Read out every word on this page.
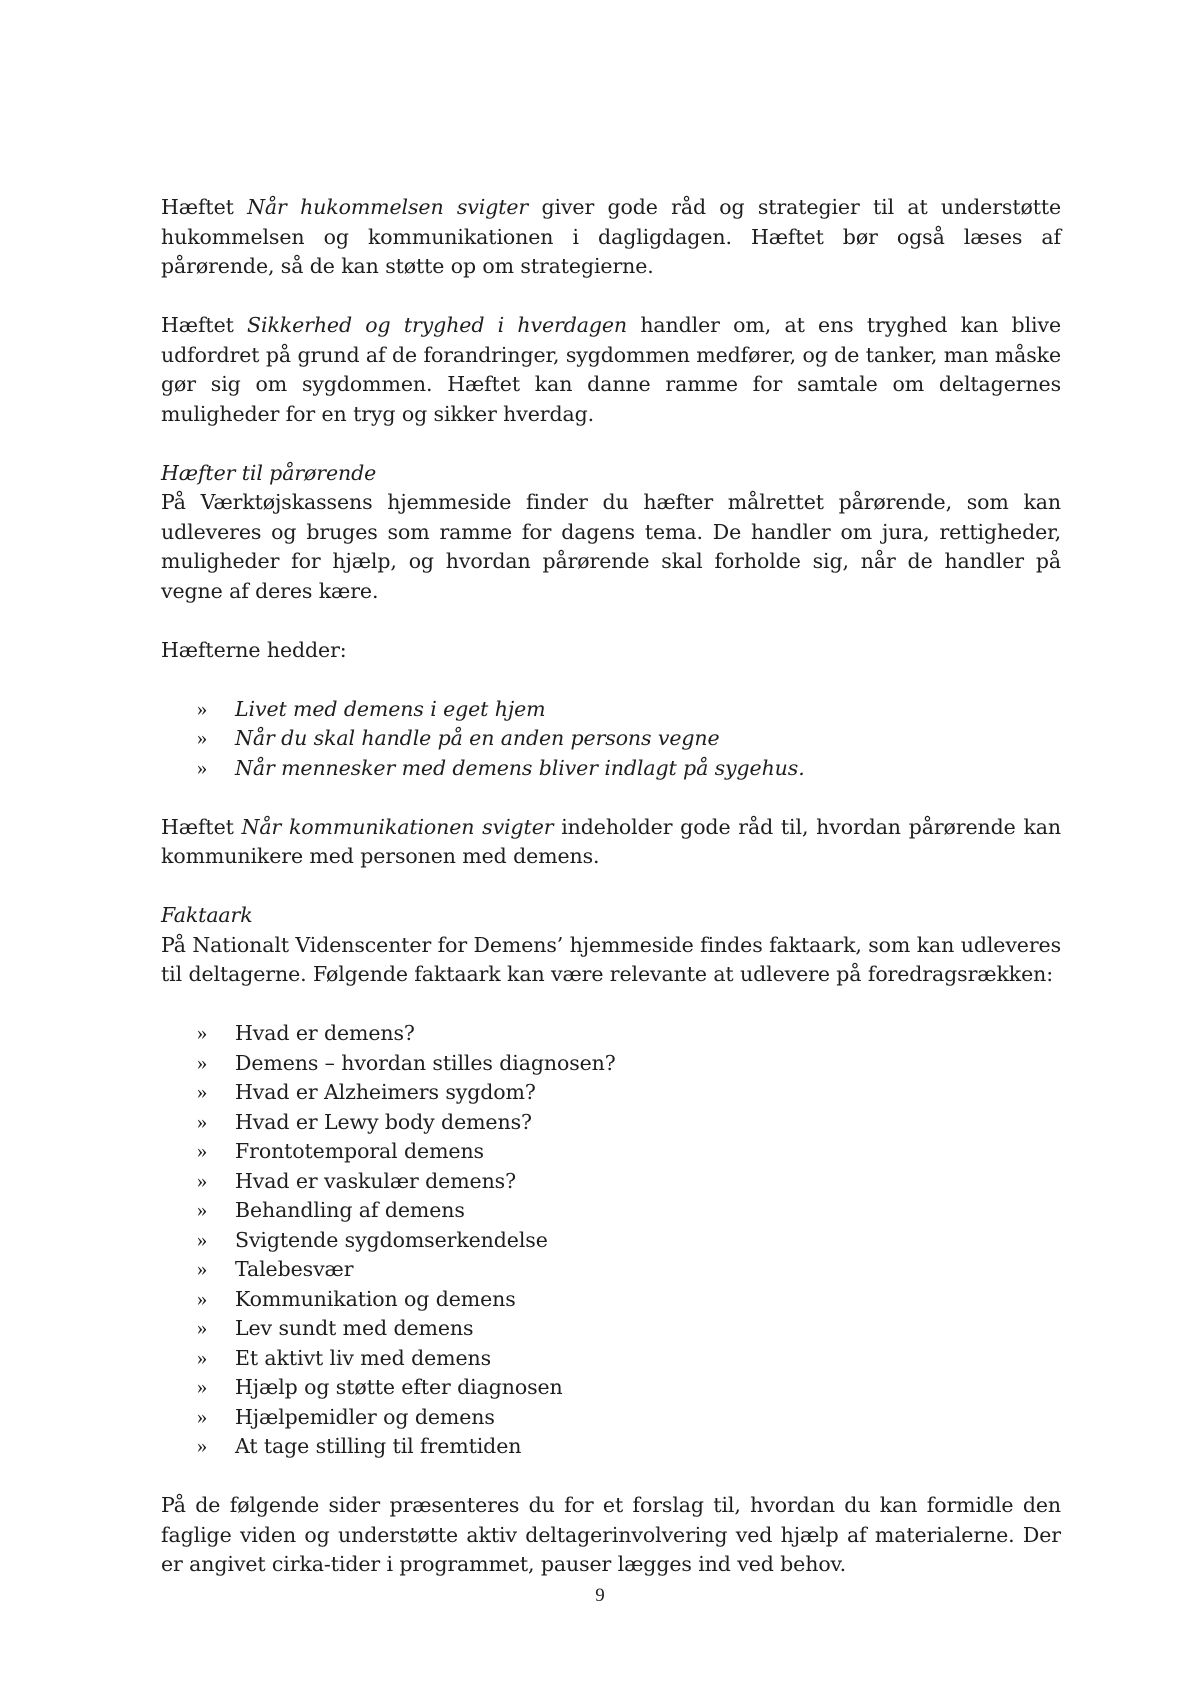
Hæftet Når hukommelsen svigter giver gode råd og strategier til at understøtte hukommelsen og kommunikationen i dagligdagen. Hæftet bør også læses af pårørende, så de kan støtte op om strategierne.

Hæftet Sikkerhed og tryghed i hverdagen handler om, at ens tryghed kan blive udfordret på grund af de forandringer, sygdommen medfører, og de tanker, man måske gør sig om sygdommen. Hæftet kan danne ramme for samtale om deltagernes muligheder for en tryg og sikker hverdag.

Hæfter til pårørende

På Værktøjskassens hjemmeside finder du hæfter målrettet pårørende, som kan udleveres og bruges som ramme for dagens tema. De handler om jura, rettigheder, muligheder for hjælp, og hvordan pårørende skal forholde sig, når de handler på vegne af deres kære.

Hæfterne hedder:

» Livet med demens i eget hjem
» Når du skal handle på en anden persons vegne
» Når mennesker med demens bliver indlagt på sygehus.

Hæftet Når kommunikationen svigter indeholder gode råd til, hvordan pårørende kan kommunikere med personen med demens.

Faktaark

På Nationalt Videnscenter for Demens’ hjemmeside findes faktaark, som kan udleveres til deltagerne. Følgende faktaark kan være relevante at udlevere på foredragsrækken:

» Hvad er demens?
» Demens – hvordan stilles diagnosen?
» Hvad er Alzheimers sygdom?
» Hvad er Lewy body demens?
» Frontotemporal demens
» Hvad er vaskulær demens?
» Behandling af demens
» Svigtende sygdomserkendelse
» Talebesvær
» Kommunikation og demens
» Lev sundt med demens
» Et aktivt liv med demens
» Hjælp og støtte efter diagnosen
» Hjælpemidler og demens
» At tage stilling til fremtiden

På de følgende sider præsenteres du for et forslag til, hvordan du kan formidle den faglige viden og understøtte aktiv deltagerinvolvering ved hjælp af materialerne. Der er angivet cirka-tider i programmet, pauser lægges ind ved behov.

9
